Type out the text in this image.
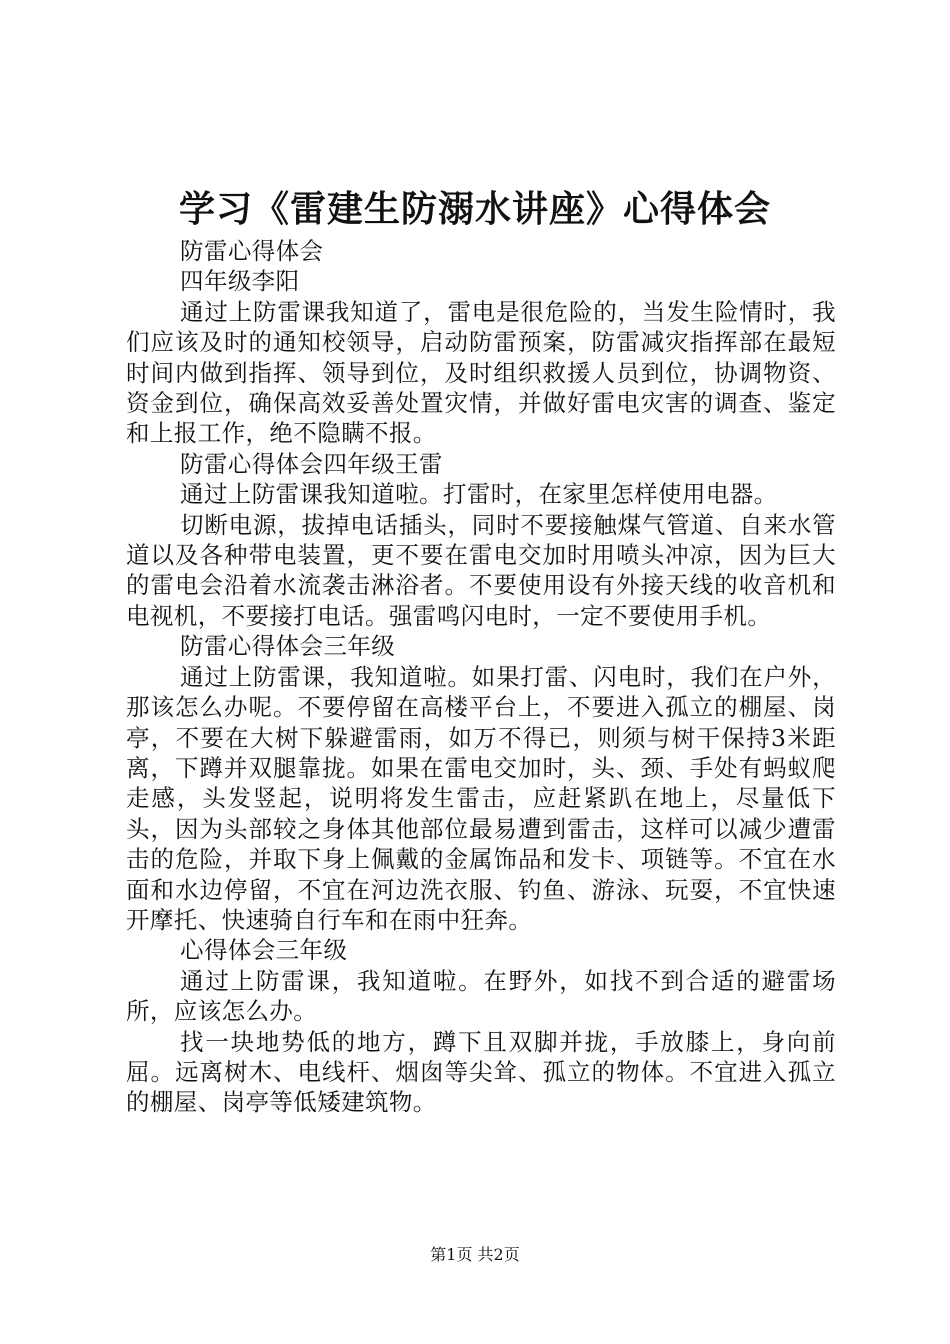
学习《雷建生防溺水讲座》心得体会

防雷心得体会

四年级李阳

通过上防雷课我知道了，雷电是很危险的，当发生险情时，我们应该及时的通知校领导，启动防雷预案，防雷减灾指挥部在最短时间内做到指挥、领导到位，及时组织救援人员到位，协调物资、资金到位，确保高效妥善处置灾情，并做好雷电灾害的调查、鉴定和上报工作，绝不隐瞒不报。

防雷心得体会四年级王雷

通过上防雷课我知道啦。打雷时，在家里怎样使用电器。

切断电源，拔掉电话插头，同时不要接触煤气管道、自来水管道以及各种带电装置，更不要在雷电交加时用喷头冲凉，因为巨大的雷电会沿着水流袭击淋浴者。不要使用设有外接天线的收音机和电视机，不要接打电话。强雷鸣闪电时，一定不要使用手机。

防雷心得体会三年级

通过上防雷课，我知道啦。如果打雷、闪电时，我们在户外，那该怎么办呢。不要停留在高楼平台上，不要进入孤立的棚屋、岗亭，不要在大树下躲避雷雨，如万不得已，则须与树干保持3米距离，下蹲并双腿靠拢。如果在雷电交加时，头、颈、手处有蚂蚁爬走感，头发竖起，说明将发生雷击，应赶紧趴在地上，尽量低下头，因为头部较之身体其他部位最易遭到雷击，这样可以减少遭雷击的危险，并取下身上佩戴的金属饰品和发卡、项链等。不宜在水面和水边停留，不宜在河边洗衣服、钓鱼、游泳、玩耍，不宜快速开摩托、快速骑自行车和在雨中狂奔。

心得体会三年级

通过上防雷课，我知道啦。在野外，如找不到合适的避雷场所，应该怎么办。

找一块地势低的地方，蹲下且双脚并拢，手放膝上，身向前屈。远离树木、电线杆、烟囱等尖耸、孤立的物体。不宜进入孤立的棚屋、岗亭等低矮建筑物。

第1页 共2页
